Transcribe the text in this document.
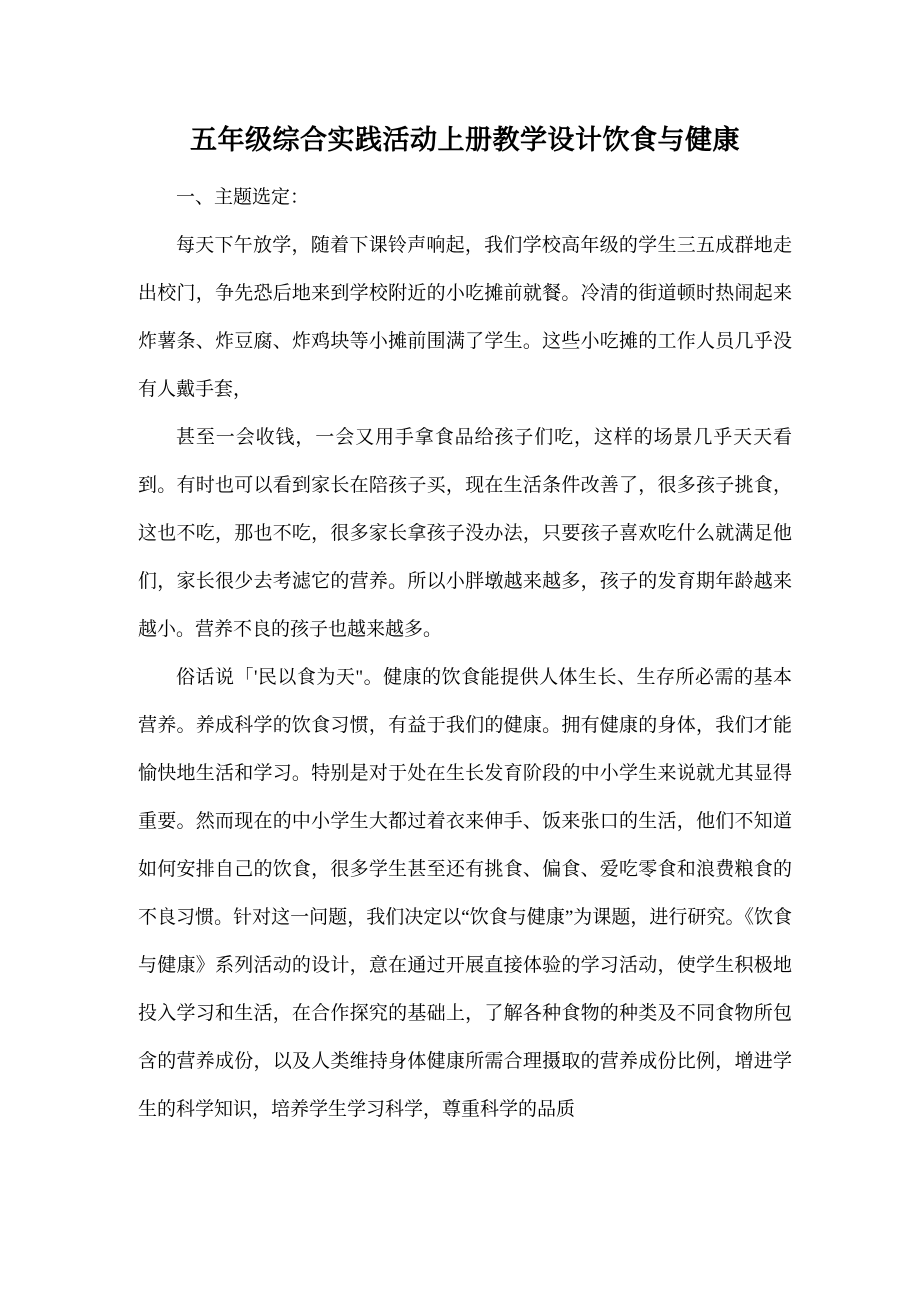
五年级综合实践活动上册教学设计饮食与健康

一、主题选定：

每天下午放学，随着下课铃声响起，我们学校高年级的学生三五成群地走出校门，争先恐后地来到学校附近的小吃摊前就餐。冷清的街道顿时热闹起来炸薯条、炸豆腐、炸鸡块等小摊前围满了学生。这些小吃摊的工作人员几乎没有人戴手套，

甚至一会收钱，一会又用手拿食品给孩子们吃，这样的场景几乎天天看到。有时也可以看到家长在陪孩子买，现在生活条件改善了，很多孩子挑食，这也不吃，那也不吃，很多家长拿孩子没办法，只要孩子喜欢吃什么就满足他们，家长很少去考滤它的营养。所以小胖墩越来越多，孩子的发育期年龄越来越小。营养不良的孩子也越来越多。

俗话说「'民以食为天"。健康的饮食能提供人体生长、生存所必需的基本营养。养成科学的饮食习惯，有益于我们的健康。拥有健康的身体，我们才能愉快地生活和学习。特别是对于处在生长发育阶段的中小学生来说就尤其显得重要。然而现在的中小学生大都过着衣来伸手、饭来张口的生活，他们不知道如何安排自己的饮食，很多学生甚至还有挑食、偏食、爱吃零食和浪费粮食的不良习惯。针对这一问题，我们决定以“饮食与健康”为课题，进行研究。《饮食与健康》系列活动的设计，意在通过开展直接体验的学习活动，使学生积极地投入学习和生活，在合作探究的基础上，了解各种食物的种类及不同食物所包含的营养成份，以及人类维持身体健康所需合理摄取的营养成份比例，增进学生的科学知识，培养学生学习科学，尊重科学的品质
